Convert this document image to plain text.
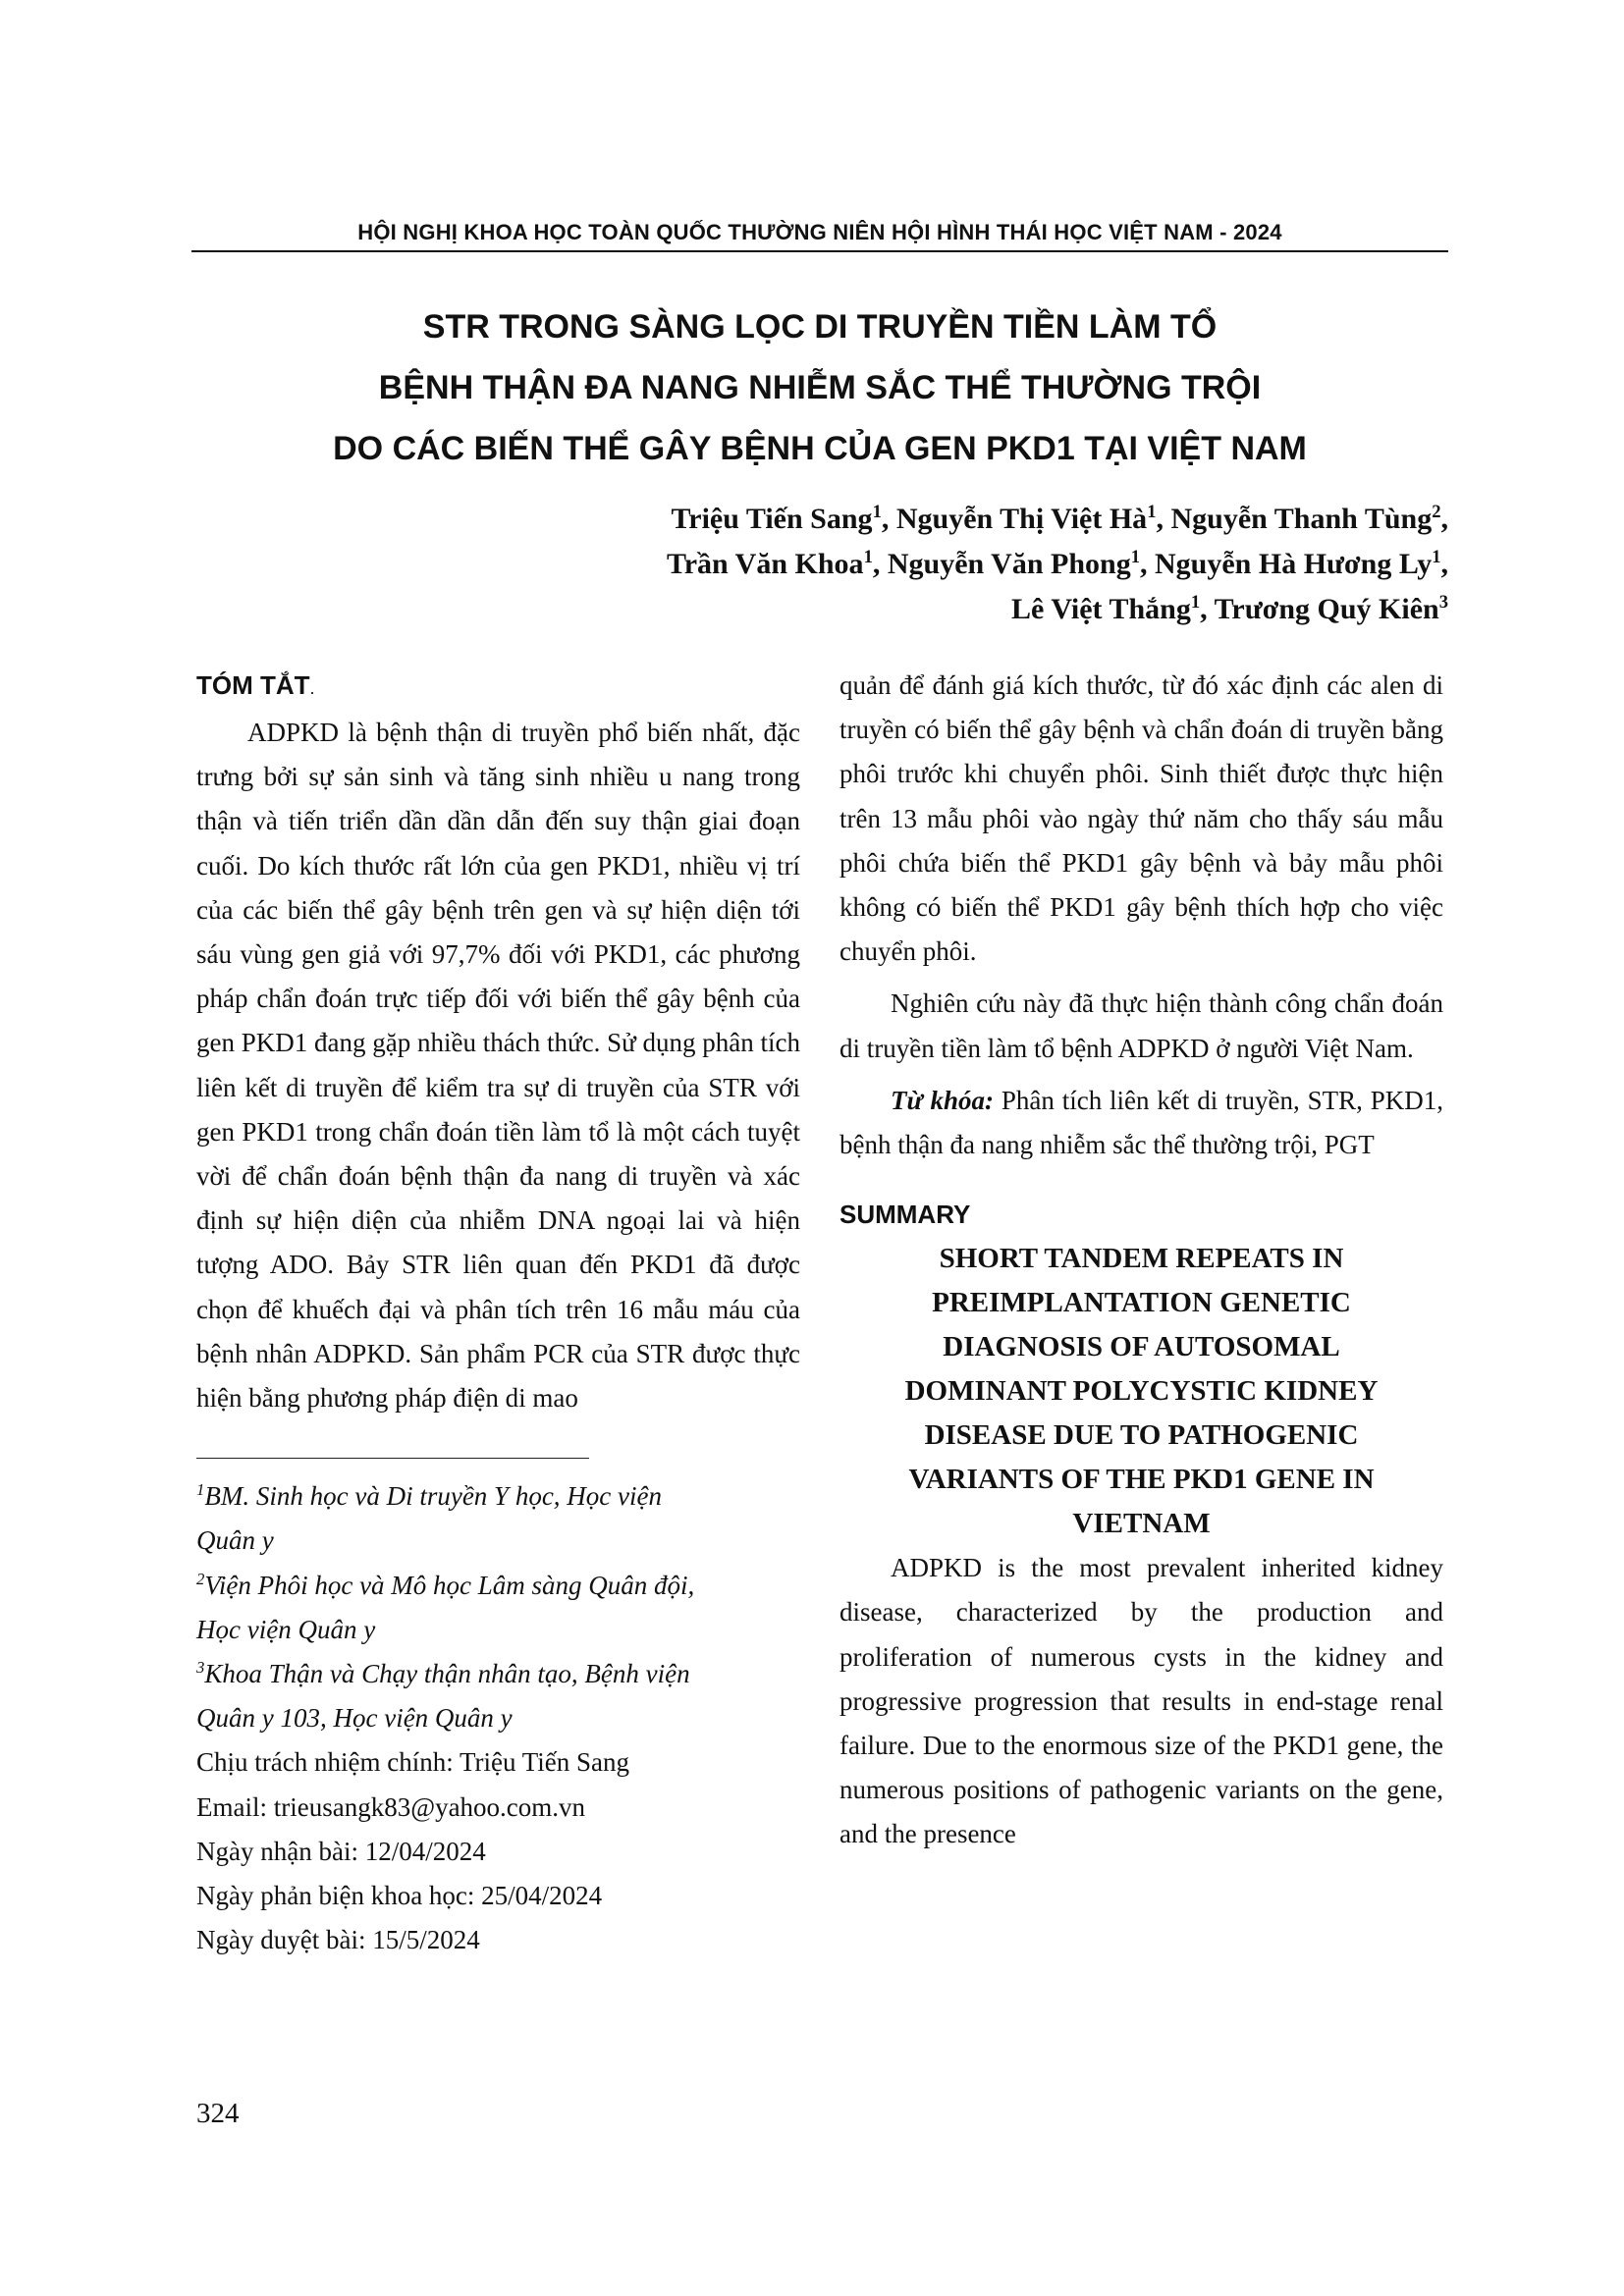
HỘI NGHỊ KHOA HỌC TOÀN QUỐC THƯỜNG NIÊN HỘI HÌNH THÁI HỌC VIỆT NAM - 2024
STR TRONG SÀNG LỌC DI TRUYỀN TIỀN LÀM TỔ
BỆNH THẬN ĐA NANG NHIỄM SẮC THỂ THƯỜNG TRỘI
DO CÁC BIẾN THỂ GÂY BỆNH CỦA GEN PKD1 TẠI VIỆT NAM
Triệu Tiến Sang$^1$, Nguyễn Thị Việt $Hà^1$, Nguyễn Thanh Tùng$^2$,
Trần Văn Khoa$^1$, Nguyễn Văn Phong$^1$, Nguyễn Hà Hương Ly$^1$,
Lê Việt Thắng$^1$, Trương Quý Kiên$^3$
TÓM TẮT.

ADPKD là bệnh thận di truyền phổ biến nhất, đặc trưng bởi sự sản sinh và tăng sinh nhiều u nang trong thận và tiến triển dần dần dẫn đến suy thận giai đoạn cuối. Do kích thước rất lớn của gen PKD1, nhiều vị trí của các biến thể gây bệnh trên gen và sự hiện diện tới sáu vùng gen giả với 97,7% đối với PKD1, các phương pháp chẩn đoán trực tiếp đối với biến thể gây bệnh của gen PKD1 đang gặp nhiều thách thức. Sử dụng phân tích liên kết di truyền để kiểm tra sự di truyền của STR với gen PKD1 trong chẩn đoán tiền làm tổ là một cách tuyệt vời để chẩn đoán bệnh thận đa nang di truyền và xác định sự hiện diện của nhiễm DNA ngoại lai và hiện tượng ADO. Bảy STR liên quan đến PKD1 đã được chọn để khuếch đại và phân tích trên 16 mẫu máu của bệnh nhân ADPKD. Sản phẩm PCR của STR được thực hiện bằng phương pháp điện di mao

$^1$BM. Sinh học và Di truyền Y học, Học viện
Quân y

$^2$Viện Phôi học và Mô học Lâm sàng Quân đội,
Học viện Quân y

$^3$Khoa Thận và Chạy thận nhân tạo, Bệnh viện
Quân y 103, Học viện Quân y

Chịu trách nhiệm chính: Triệu Tiến Sang

Email: trieusangk83@yahoo.com.vn

Ngày nhận bài: 12/04/2024

Ngày phản biện khoa học: 25/04/2024

Ngày duyệt bài: 15/5/2024

quản để đánh giá kích thước, từ đó xác định các alen di truyền có biến thể gây bệnh và chẩn đoán di truyền bằng phôi trước khi chuyển phôi. Sinh thiết được thực hiện trên 13 mẫu phôi vào ngày thứ năm cho thấy sáu mẫu phôi chứa biến thể PKD1 gây bệnh và bảy mẫu phôi không có biến thể PKD1 gây bệnh thích hợp cho việc chuyển phôi.

Nghiên cứu này đã thực hiện thành công chẩn đoán di truyền tiền làm tổ bệnh ADPKD ở người Việt Nam.

Từ khóa: Phân tích liên kết di truyền, STR, PKD1, bệnh thận đa nang nhiễm sắc thể thường trội, PGT

SUMMARY
SHORT TANDEM REPEATS IN
PREIMPLANTATION GENETIC
DIAGNOSIS OF AUTOSOMAL
DOMINANT POLYCYSTIC KIDNEY
DISEASE DUE TO PATHOGENIC
VARIANTS OF THE PKD1 GENE IN
VIETNAM

ADPKD is the most prevalent inherited kidney disease, characterized by the production and proliferation of numerous cysts in the kidney and progressive progression that results in end-stage renal failure. Due to the enormous size of the PKD1 gene, the numerous positions of pathogenic variants on the gene, and the presence

324
